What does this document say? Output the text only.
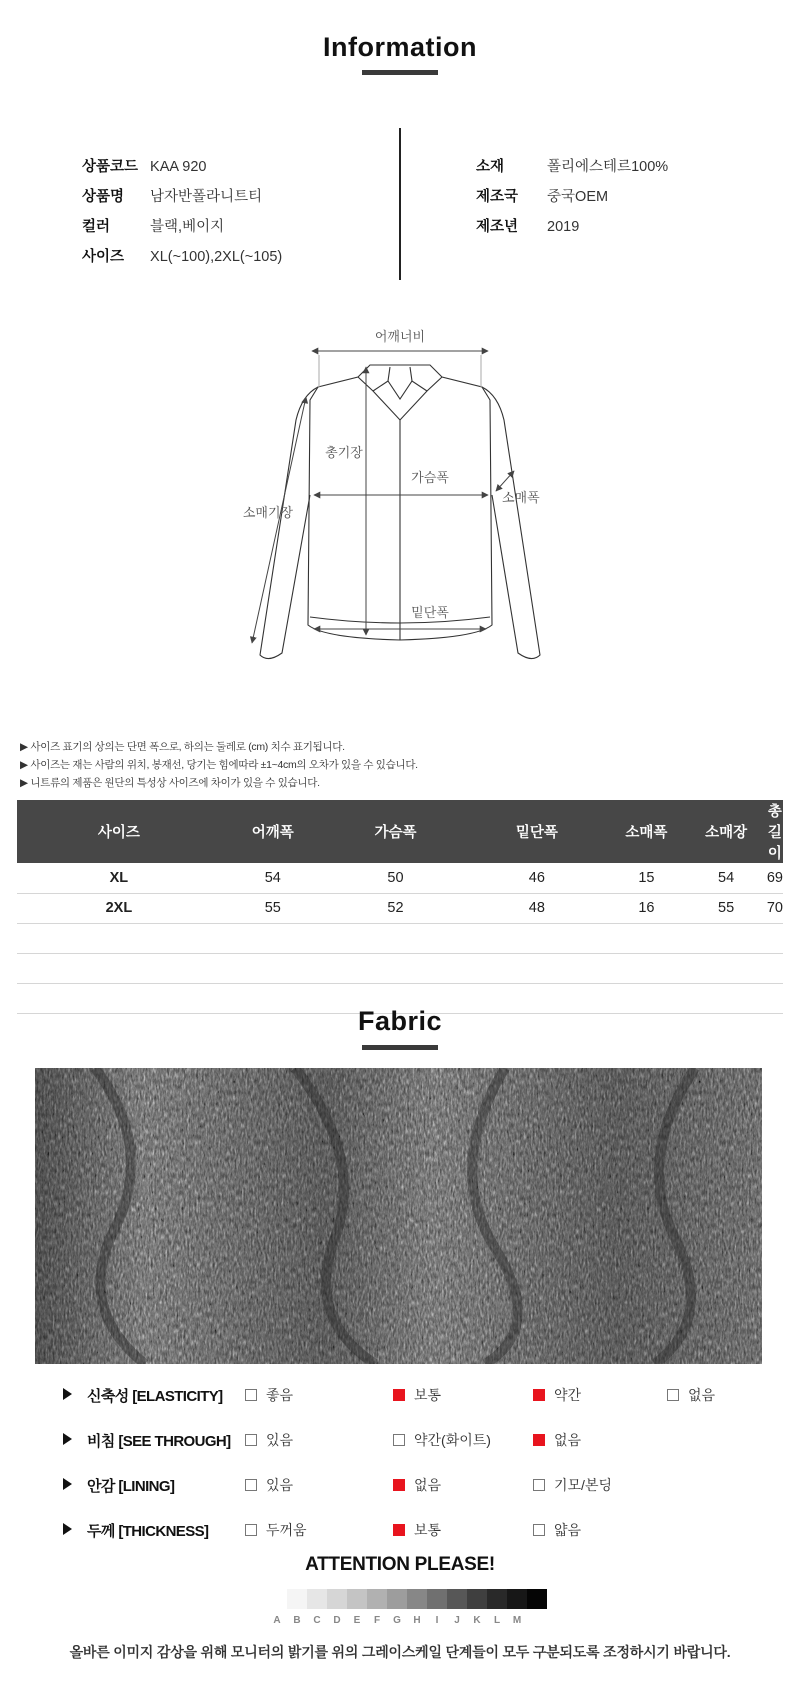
Information
상품코드 KAA 920
상품명 남자반폴라니트티
컬러	블랙,베이지
사이즈 XL(~100),2XL(~105)
소재	폴리에스테르100%
제조국 중국OEM
제조년 2019
어깨너비
총기장
가슴폭
소매폭
소매기장
밑단폭
▶ 사이즈 표기의 상의는 단면 폭으로, 하의는 둘레로 (cm) 치수 표기됩니다.
▶ 사이즈는 재는 사람의 위치, 봉재선, 당기는 힘에따라 ±1~4cm의 오차가 있을 수 있습니다.
▶ 니트류의 제품은 원단의 특성상 사이즈에 차이가 있을 수 있습니다.
사이즈	어깨폭	가슴폭	밑단폭	소매폭	소매장	총길이
XL	54	50	46	15	54	69
2XL	55	52	48	16	55	70

Fabric
신축성 [ELASTICITY]	좋음	보통	약간	없음
비침 [SEE THROUGH]	있음	약간(화이트)	없음
안감 [LINING]	있음	없음	기모/본딩
두께 [THICKNESS]	두꺼움	보통	얇음
ATTENTION PLEASE!
A	B	C	D	E	F	G	H	I	J	K	L	M
올바른 이미지 감상을 위해 모니터의 밝기를 위의 그레이스케일 단계들이 모두 구분되도록 조정하시기 바랍니다.
